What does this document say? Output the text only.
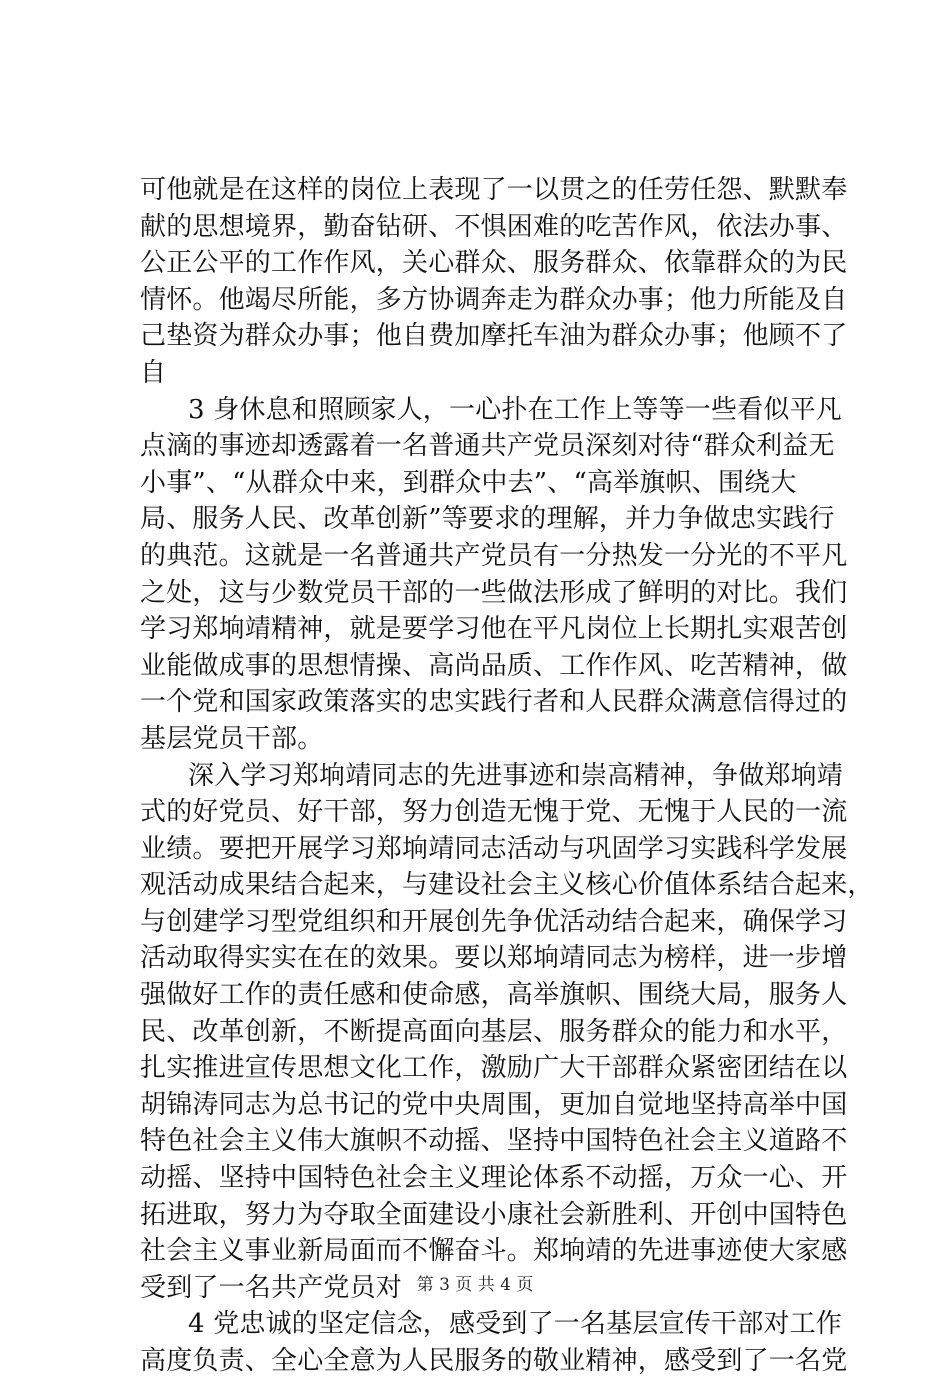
可他就是在这样的岗位上表现了一以贯之的任劳任怨、默默奉
献的思想境界，勤奋钻研、不惧困难的吃苦作风，依法办事、
公正公平的工作作风，关心群众、服务群众、依靠群众的为民
情怀。他竭尽所能，多方协调奔走为群众办事；他力所能及自
己垫资为群众办事；他自费加摩托车油为群众办事；他顾不了
自
3 身休息和照顾家人，一心扑在工作上等等一些看似平凡
点滴的事迹却透露着一名普通共产党员深刻对待“群众利益无
小事”、“从群众中来，到群众中去”、“高举旗帜、围绕大
局、服务人民、改革创新”等要求的理解，并力争做忠实践行
的典范。这就是一名普通共产党员有一分热发一分光的不平凡
之处，这与少数党员干部的一些做法形成了鲜明的对比。我们
学习郑垧靖精神，就是要学习他在平凡岗位上长期扎实艰苦创
业能做成事的思想情操、高尚品质、工作作风、吃苦精神，做
一个党和国家政策落实的忠实践行者和人民群众满意信得过的
基层党员干部。
深入学习郑垧靖同志的先进事迹和崇高精神，争做郑垧靖
式的好党员、好干部，努力创造无愧于党、无愧于人民的一流
业绩。要把开展学习郑垧靖同志活动与巩固学习实践科学发展
观活动成果结合起来，与建设社会主义核心价值体系结合起来，
与创建学习型党组织和开展创先争优活动结合起来，确保学习
活动取得实实在在的效果。要以郑垧靖同志为榜样，进一步增
强做好工作的责任感和使命感，高举旗帜、围绕大局，服务人
民、改革创新，不断提高面向基层、服务群众的能力和水平，
扎实推进宣传思想文化工作，激励广大干部群众紧密团结在以
胡锦涛同志为总书记的党中央周围，更加自觉地坚持高举中国
特色社会主义伟大旗帜不动摇、坚持中国特色社会主义道路不
动摇、坚持中国特色社会主义理论体系不动摇，万众一心、开
拓进取，努力为夺取全面建设小康社会新胜利、开创中国特色
社会主义事业新局面而不懈奋斗。郑垧靖的先进事迹使大家感
受到了一名共产党员对
4 党忠诚的坚定信念，感受到了一名基层宣传干部对工作
高度负责、全心全意为人民服务的敬业精神，感受到了一名党
第 3 页 共 4 页
